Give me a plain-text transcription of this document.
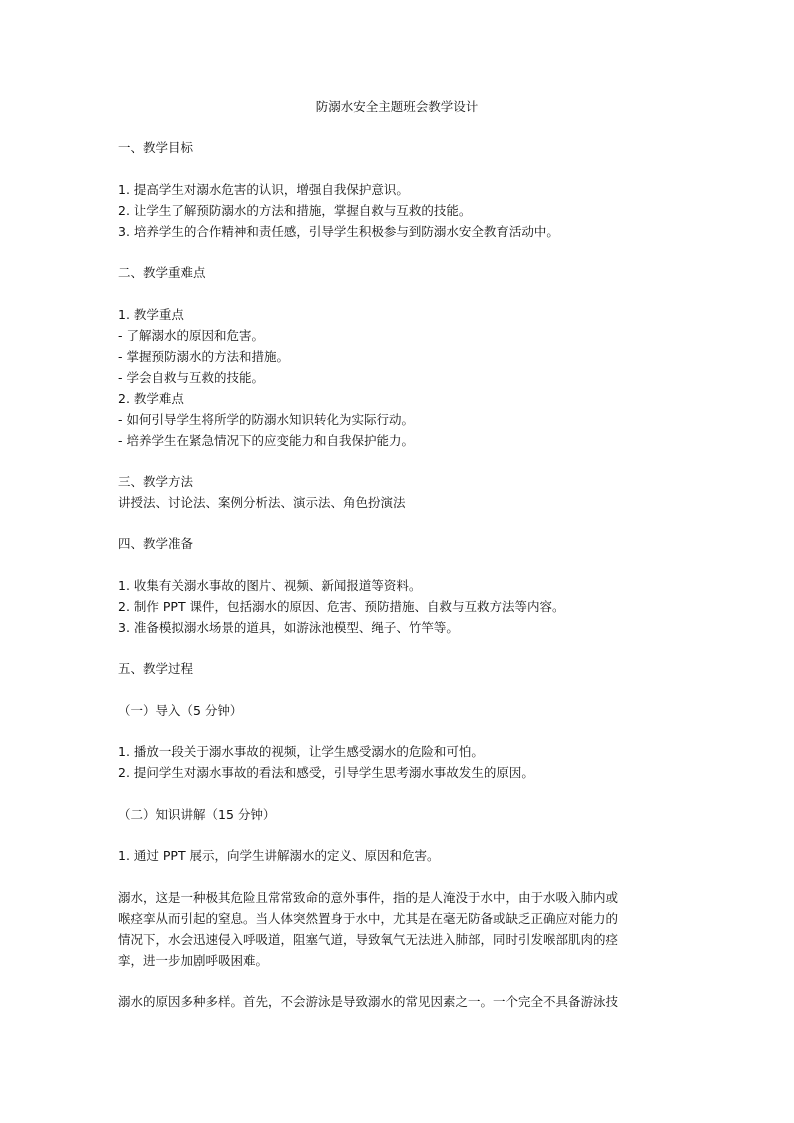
防溺水安全主题班会教学设计
一、教学目标
1. 提高学生对溺水危害的认识，增强自我保护意识。
2. 让学生了解预防溺水的方法和措施，掌握自救与互救的技能。
3. 培养学生的合作精神和责任感，引导学生积极参与到防溺水安全教育活动中。
二、教学重难点
1. 教学重点
- 了解溺水的原因和危害。
- 掌握预防溺水的方法和措施。
- 学会自救与互救的技能。
2. 教学难点
- 如何引导学生将所学的防溺水知识转化为实际行动。
- 培养学生在紧急情况下的应变能力和自我保护能力。
三、教学方法
讲授法、讨论法、案例分析法、演示法、角色扮演法
四、教学准备
1. 收集有关溺水事故的图片、视频、新闻报道等资料。
2. 制作 PPT 课件，包括溺水的原因、危害、预防措施、自救与互救方法等内容。
3. 准备模拟溺水场景的道具，如游泳池模型、绳子、竹竿等。
五、教学过程
（一）导入（5 分钟）
1. 播放一段关于溺水事故的视频，让学生感受溺水的危险和可怕。
2. 提问学生对溺水事故的看法和感受，引导学生思考溺水事故发生的原因。
（二）知识讲解（15 分钟）
1. 通过 PPT 展示，向学生讲解溺水的定义、原因和危害。
溺水，这是一种极其危险且常常致命的意外事件，指的是人淹没于水中，由于水吸入肺内或
喉痉挛从而引起的窒息。当人体突然置身于水中，尤其是在毫无防备或缺乏正确应对能力的
情况下，水会迅速侵入呼吸道，阻塞气道，导致氧气无法进入肺部，同时引发喉部肌肉的痉
挛，进一步加剧呼吸困难。
溺水的原因多种多样。首先，不会游泳是导致溺水的常见因素之一。一个完全不具备游泳技
